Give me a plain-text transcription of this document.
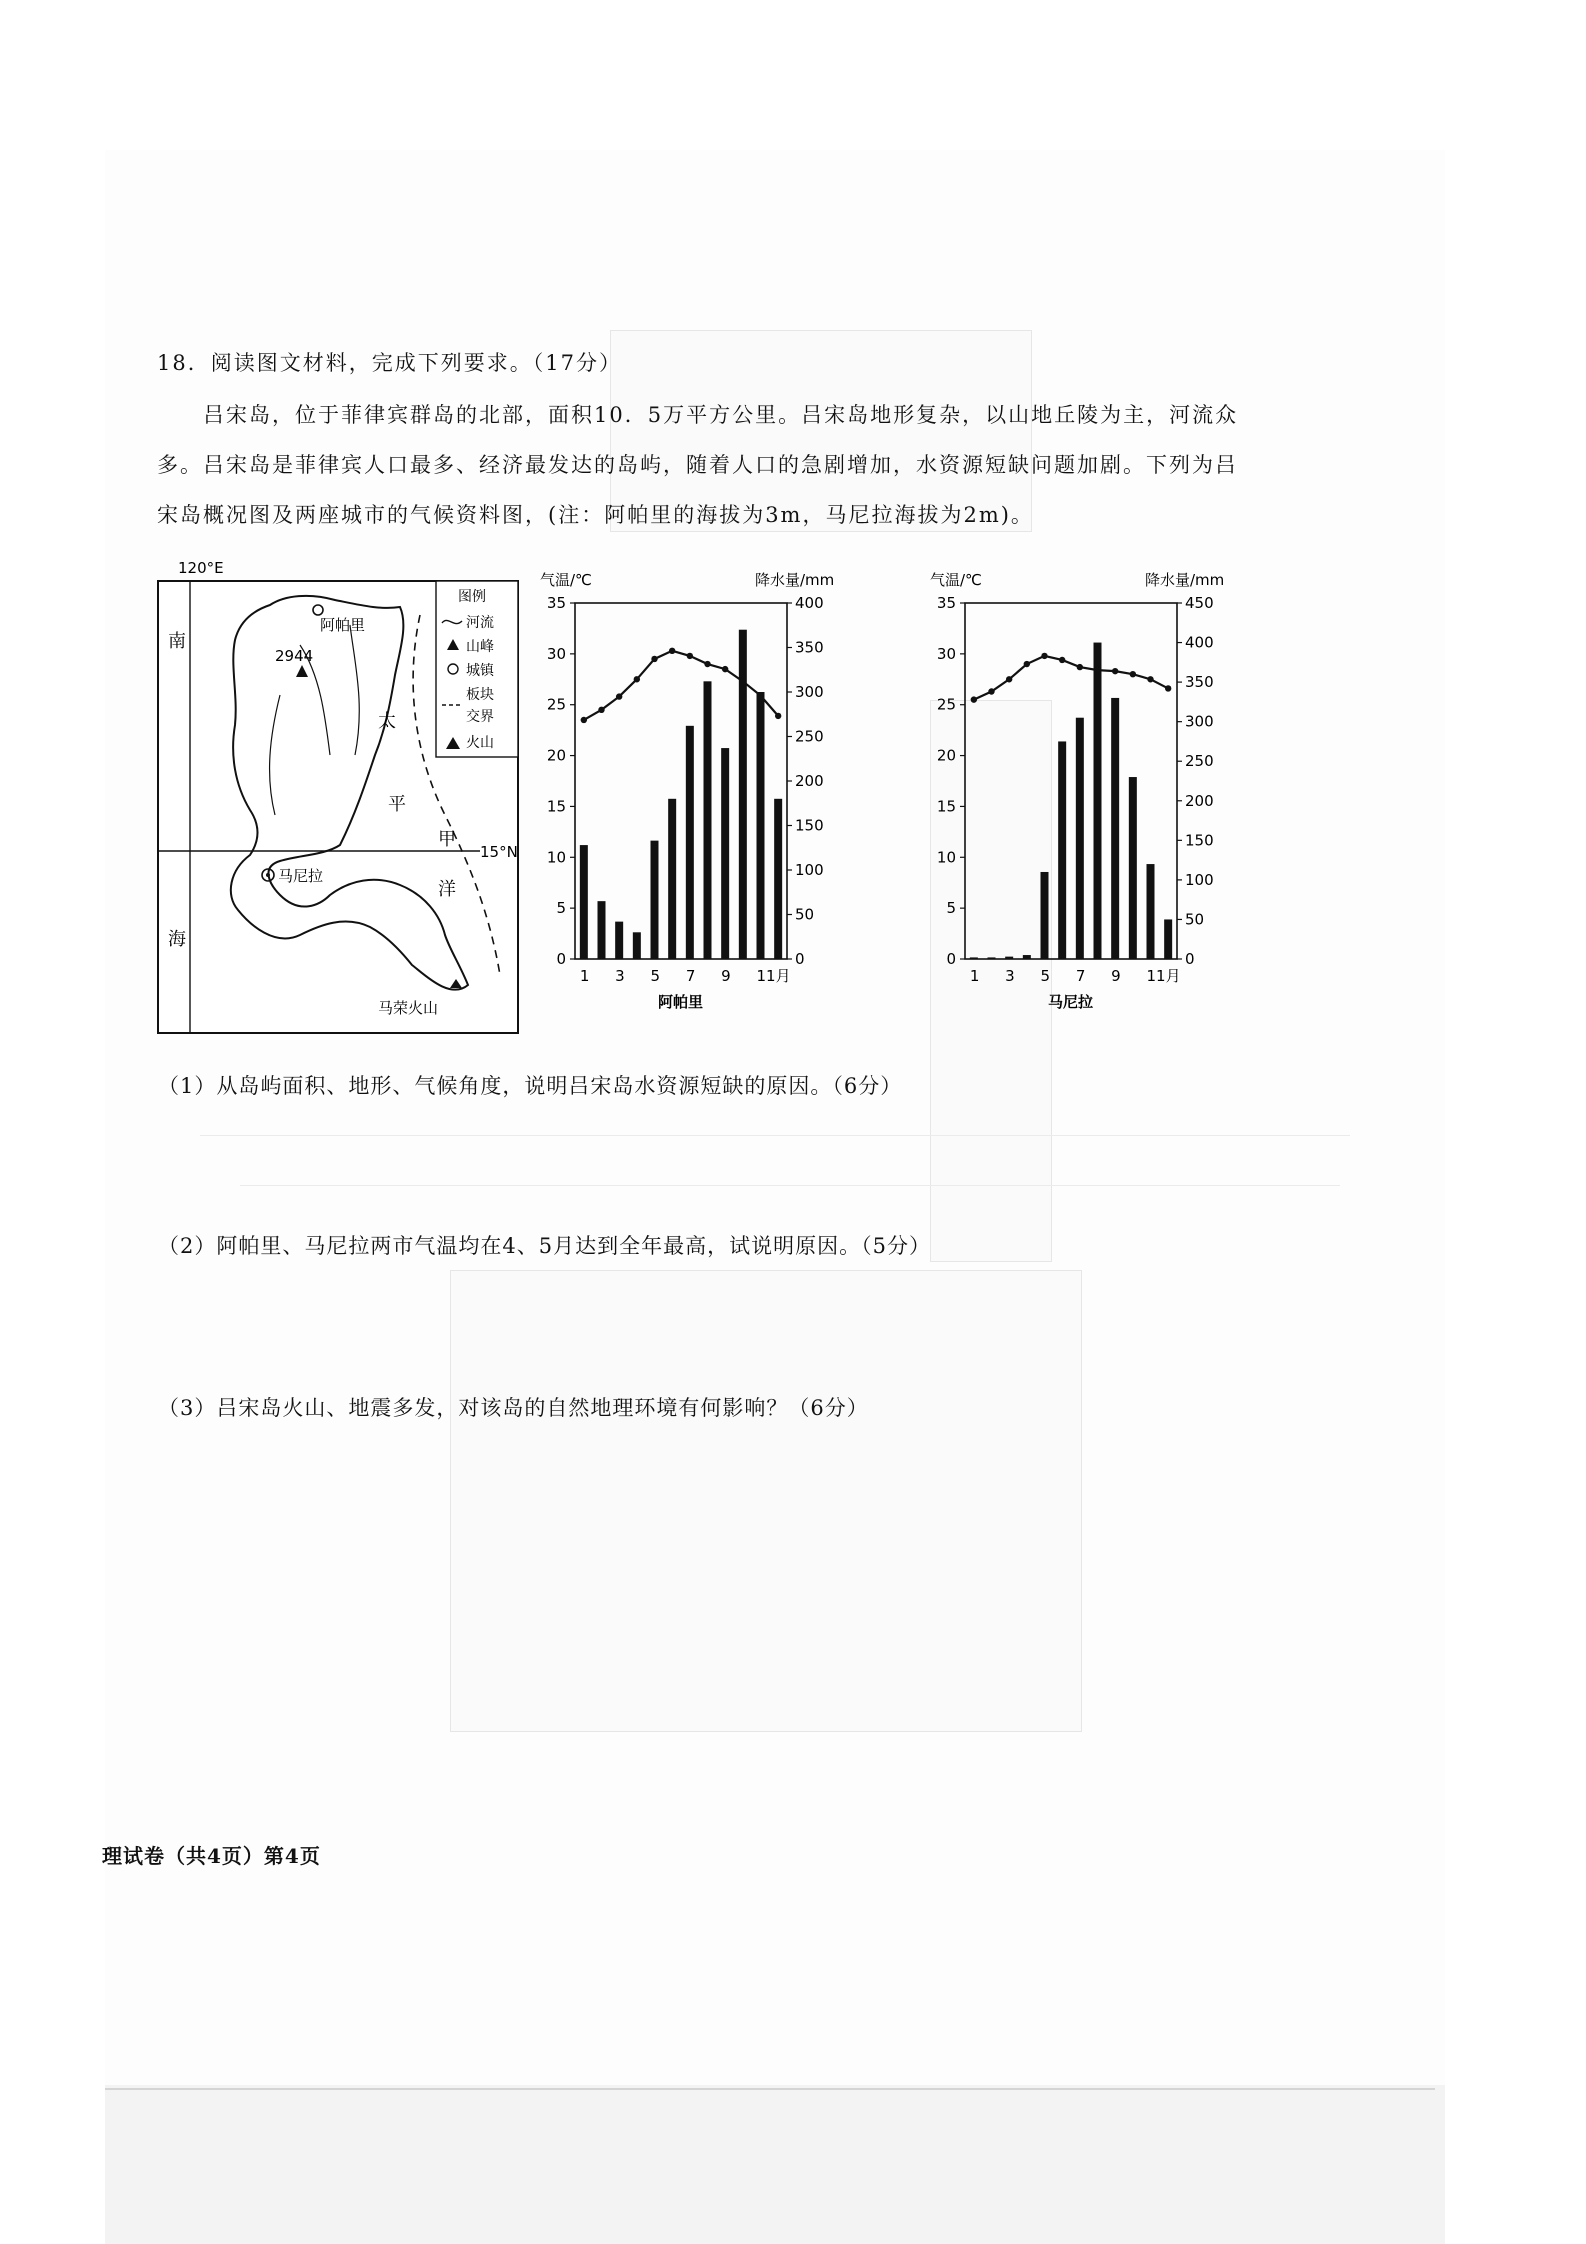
18．阅读图文材料，完成下列要求。（17分）
吕宋岛，位于菲律宾群岛的北部，面积10．5万平方公里。吕宋岛地形复杂，以山地丘陵为主，河流众
多。吕宋岛是菲律宾人口最多、经济最发达的岛屿，随着人口的急剧增加，水资源短缺问题加剧。下列为吕
宋岛概况图及两座城市的气候资料图，(注：阿帕里的海拔为3m，马尼拉海拔为2m)。
120°E
15°N
南
海
太
平
甲
洋
2944
阿帕里
马尼拉
马荣火山
图例
河流
山峰
城镇
板块
交界
火山
气温/℃	降水量/mm
0
5
10
15
20
25
30
35
0
50
100
150
200
250
300
350
400
1 3 5 7 9 11月
阿帕里
气温/℃	降水量/mm
0
5
10
15
20
25
30
35
0
50
100
150
200
250
300
350
400
450
1 3 5 7 9 11月
马尼拉
（1）从岛屿面积、地形、气候角度，说明吕宋岛水资源短缺的原因。（6分）
（2）阿帕里、马尼拉两市气温均在4、5月达到全年最高，试说明原因。（5分）
（3）吕宋岛火山、地震多发，对该岛的自然地理环境有何影响？（6分）
理试卷（共4页）第4页
